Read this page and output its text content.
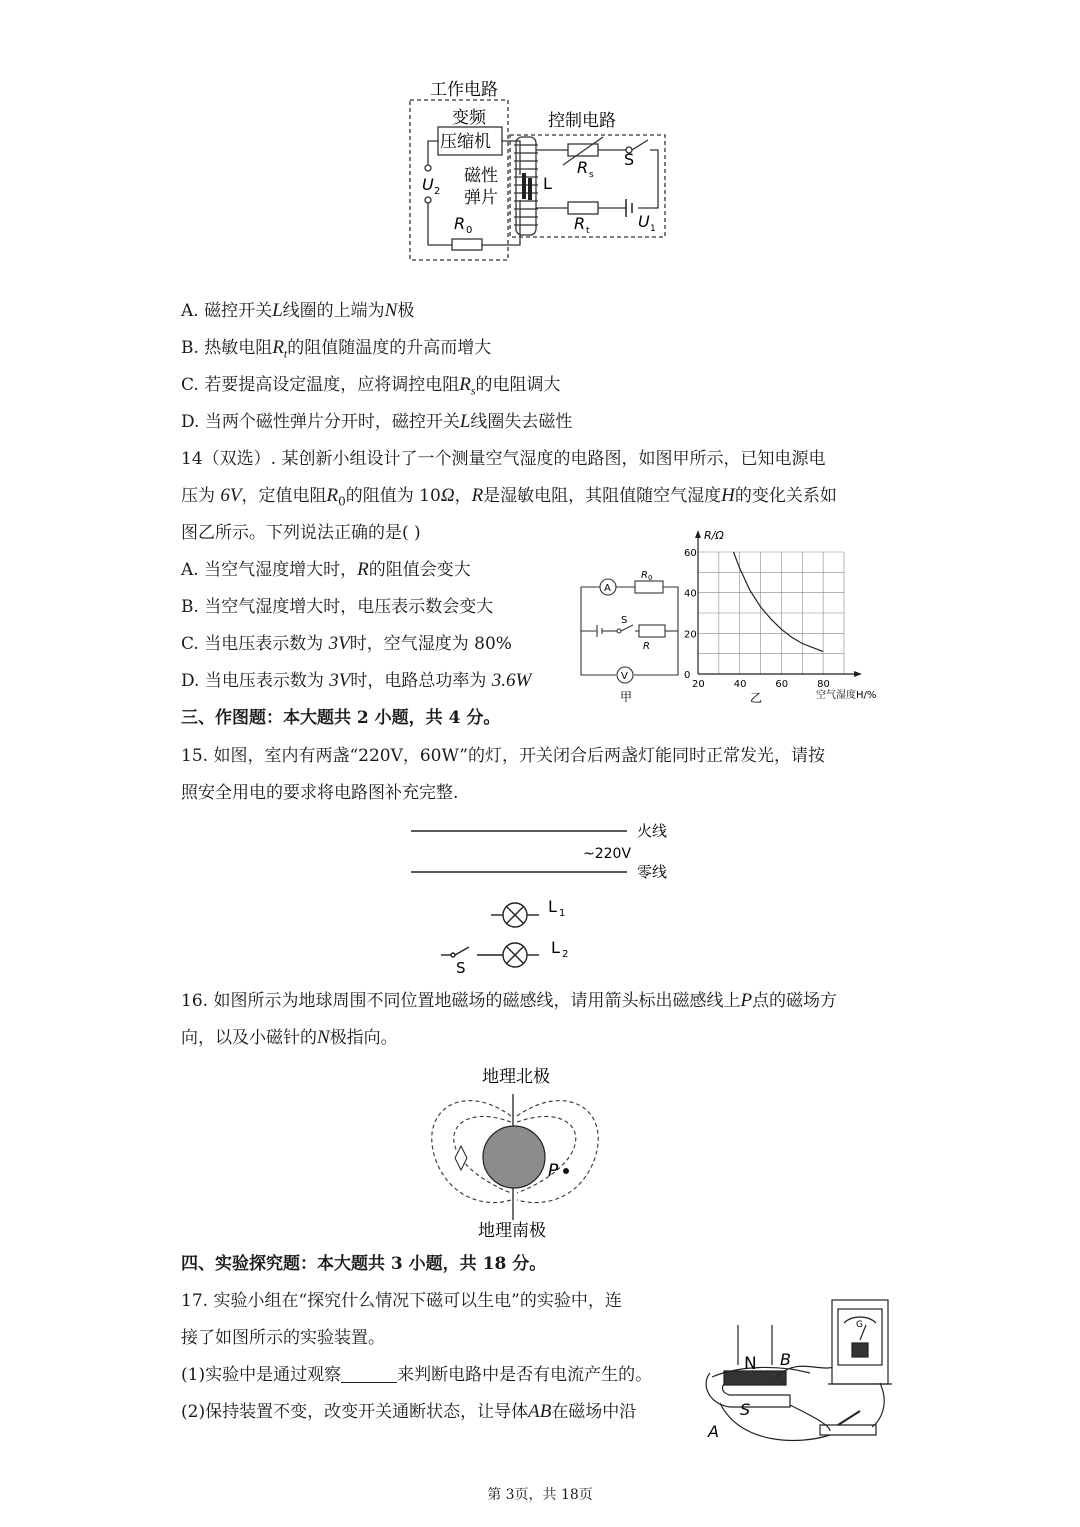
工作电路
控制电路
变频
压缩机
磁性
弹片
L
U 2
R 0
R s
S
R t	U 1
A. 磁控开关L线圈的上端为N极
B. 热敏电阻$R_t$的阻值随温度的升高而增大
C. 若要提高设定温度，应将调控电阻$R_s$的电阻调大
D. 当两个磁性弹片分开时，磁控开关L线圈失去磁性
14（双选）. 某创新小组设计了一个测量空气湿度的电路图，如图甲所示，已知电源电
压为 6V，定值电阻$R_0$的阻值为 10Ω，R是湿敏电阻，其阻值随空气湿度H的变化关系如
图乙所示。下列说法正确的是( )
A. 当空气湿度增大时，R的阻值会变大
B. 当空气湿度增大时，电压表示数会变大
C. 当电压表示数为 3V时，空气湿度为 80%
D. 当电压表示数为 3V时，电路总功率为 3.6W
A
V
R 0
S
R
甲
0
20
40
60
20	40	60	80
R/Ω
空气湿度H/%
乙
三、作图题：本大题共 2 小题，共 4 分。
15. 如图，室内有两盏“220V，60W”的灯，开关闭合后两盏灯能同时正常发光，请按
照安全用电的要求将电路图补充完整.
火线
~220V
零线
L 1
L 2
S
16. 如图所示为地球周围不同位置地磁场的磁感线，请用箭头标出磁感线上P点的磁场方
向，以及小磁针的N极指向。
地理北极
地理南极
P
四、实验探究题：本大题共 3 小题，共 18 分。
17. 实验小组在“探究什么情况下磁可以生电”的实验中，连
接了如图所示的实验装置。
(1)实验中是通过观察	来判断电路中是否有电流产生的。
(2)保持装置不变，改变开关通断状态，让导体AB在磁场中沿
N
S
A
B
G
第 3页，共 18页
